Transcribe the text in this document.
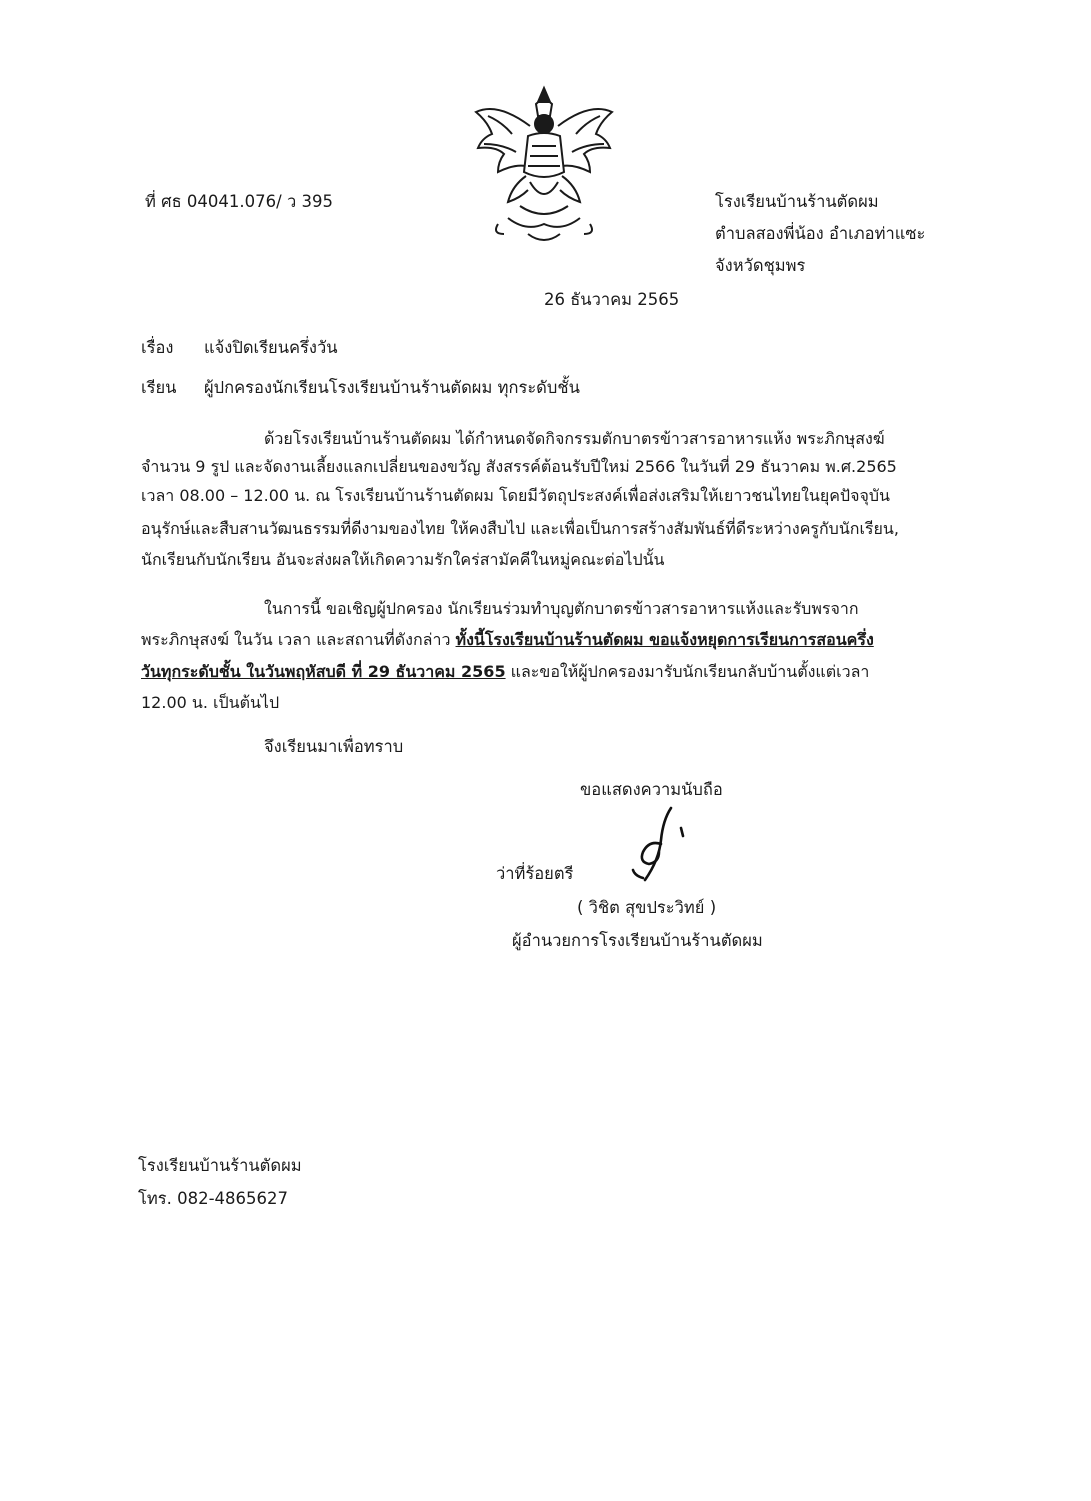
ที่ ศธ 04041.076/ ว 395	โรงเรียนบ้านร้านตัดผม
ตำบลสองพี่น้อง อำเภอท่าแซะ
จังหวัดชุมพร
26 ธันวาคม 2565
เรื่อง แจ้งปิดเรียนครึ่งวัน
เรียน ผู้ปกครองนักเรียนโรงเรียนบ้านร้านตัดผม ทุกระดับชั้น
ด้วยโรงเรียนบ้านร้านตัดผม ได้กำหนดจัดกิจกรรมตักบาตรข้าวสารอาหารแห้ง พระภิกษุสงฆ์
จำนวน 9 รูป และจัดงานเลี้ยงแลกเปลี่ยนของขวัญ สังสรรค์ต้อนรับปีใหม่ 2566 ในวันที่ 29 ธันวาคม พ.ศ.2565
เวลา 08.00 – 12.00 น. ณ โรงเรียนบ้านร้านตัดผม โดยมีวัตถุประสงค์เพื่อส่งเสริมให้เยาวชนไทยในยุคปัจจุบัน
อนุรักษ์และสืบสานวัฒนธรรมที่ดีงามของไทย ให้คงสืบไป และเพื่อเป็นการสร้างสัมพันธ์ที่ดีระหว่างครูกับนักเรียน,
นักเรียนกับนักเรียน อันจะส่งผลให้เกิดความรักใคร่สามัคคีในหมู่คณะต่อไปนั้น
ในการนี้ ขอเชิญผู้ปกครอง นักเรียนร่วมทำบุญตักบาตรข้าวสารอาหารแห้งและรับพรจาก
พระภิกษุสงฆ์ ในวัน เวลา และสถานที่ดังกล่าว ทั้งนี้โรงเรียนบ้านร้านตัดผม ขอแจ้งหยุดการเรียนการสอนครึ่ง
วันทุกระดับชั้น ในวันพฤหัสบดี ที่ 29 ธันวาคม 2565 และขอให้ผู้ปกครองมารับนักเรียนกลับบ้านตั้งแต่เวลา
12.00 น. เป็นต้นไป
จึงเรียนมาเพื่อทราบ
ขอแสดงความนับถือ
ว่าที่ร้อยตรี
( วิชิต สุขประวิทย์ )
ผู้อำนวยการโรงเรียนบ้านร้านตัดผม
โรงเรียนบ้านร้านตัดผม
โทร. 082-4865627
